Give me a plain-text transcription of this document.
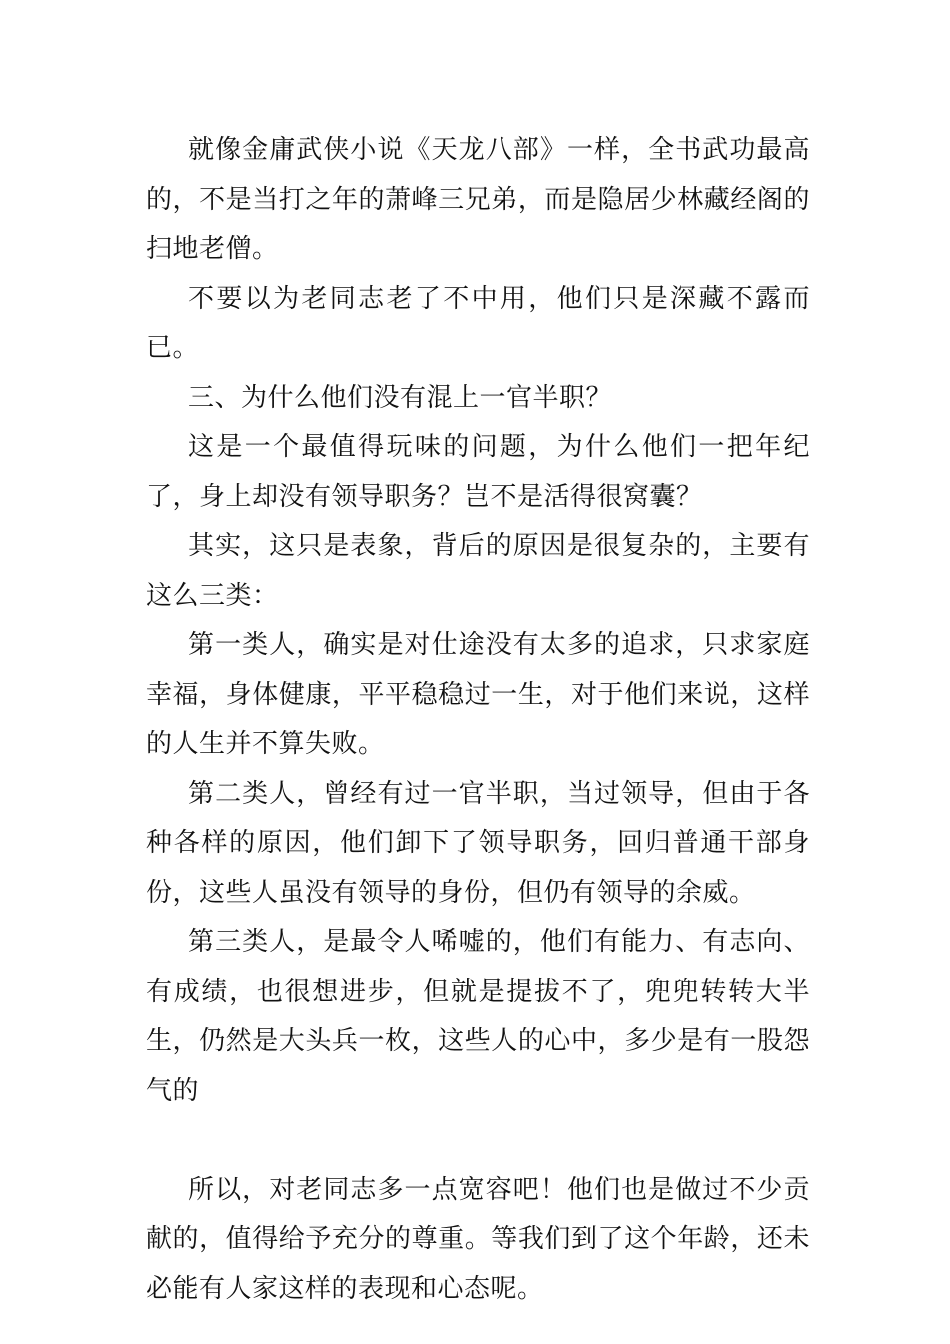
就像金庸武侠小说《天龙八部》一样，全书武功最高的，不是当打之年的萧峰三兄弟，而是隐居少林藏经阁的扫地老僧。

不要以为老同志老了不中用，他们只是深藏不露而已。

三、为什么他们没有混上一官半职？

这是一个最值得玩味的问题，为什么他们一把年纪了，身上却没有领导职务？岂不是活得很窝囊？

其实，这只是表象，背后的原因是很复杂的，主要有这么三类：

第一类人，确实是对仕途没有太多的追求，只求家庭幸福，身体健康，平平稳稳过一生，对于他们来说，这样的人生并不算失败。

第二类人，曾经有过一官半职，当过领导，但由于各种各样的原因，他们卸下了领导职务，回归普通干部身份，这些人虽没有领导的身份，但仍有领导的余威。

第三类人，是最令人唏嘘的，他们有能力、有志向、有成绩，也很想进步，但就是提拔不了，兜兜转转大半生，仍然是大头兵一枚，这些人的心中，多少是有一股怨气的

所以，对老同志多一点宽容吧！他们也是做过不少贡献的，值得给予充分的尊重。等我们到了这个年龄，还未必能有人家这样的表现和心态呢。
